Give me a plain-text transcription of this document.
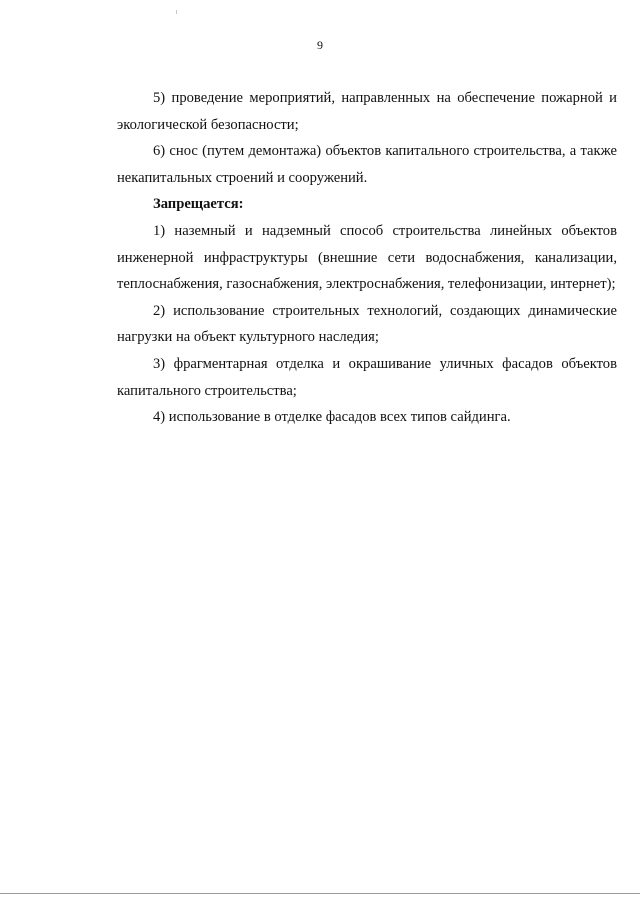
9

5) проведение мероприятий, направленных на обеспечение пожарной и экологической безопасности;

6) снос (путем демонтажа) объектов капитального строительства, а также некапитальных строений и сооружений.

Запрещается:

1) наземный и надземный способ строительства линейных объектов инженерной инфраструктуры (внешние сети водоснабжения, канализации, теплоснабжения, газоснабжения, электроснабжения, телефонизации, интернет);

2) использование строительных технологий, создающих динамические нагрузки на объект культурного наследия;

3) фрагментарная отделка и окрашивание уличных фасадов объектов капитального строительства;

4) использование в отделке фасадов всех типов сайдинга.
